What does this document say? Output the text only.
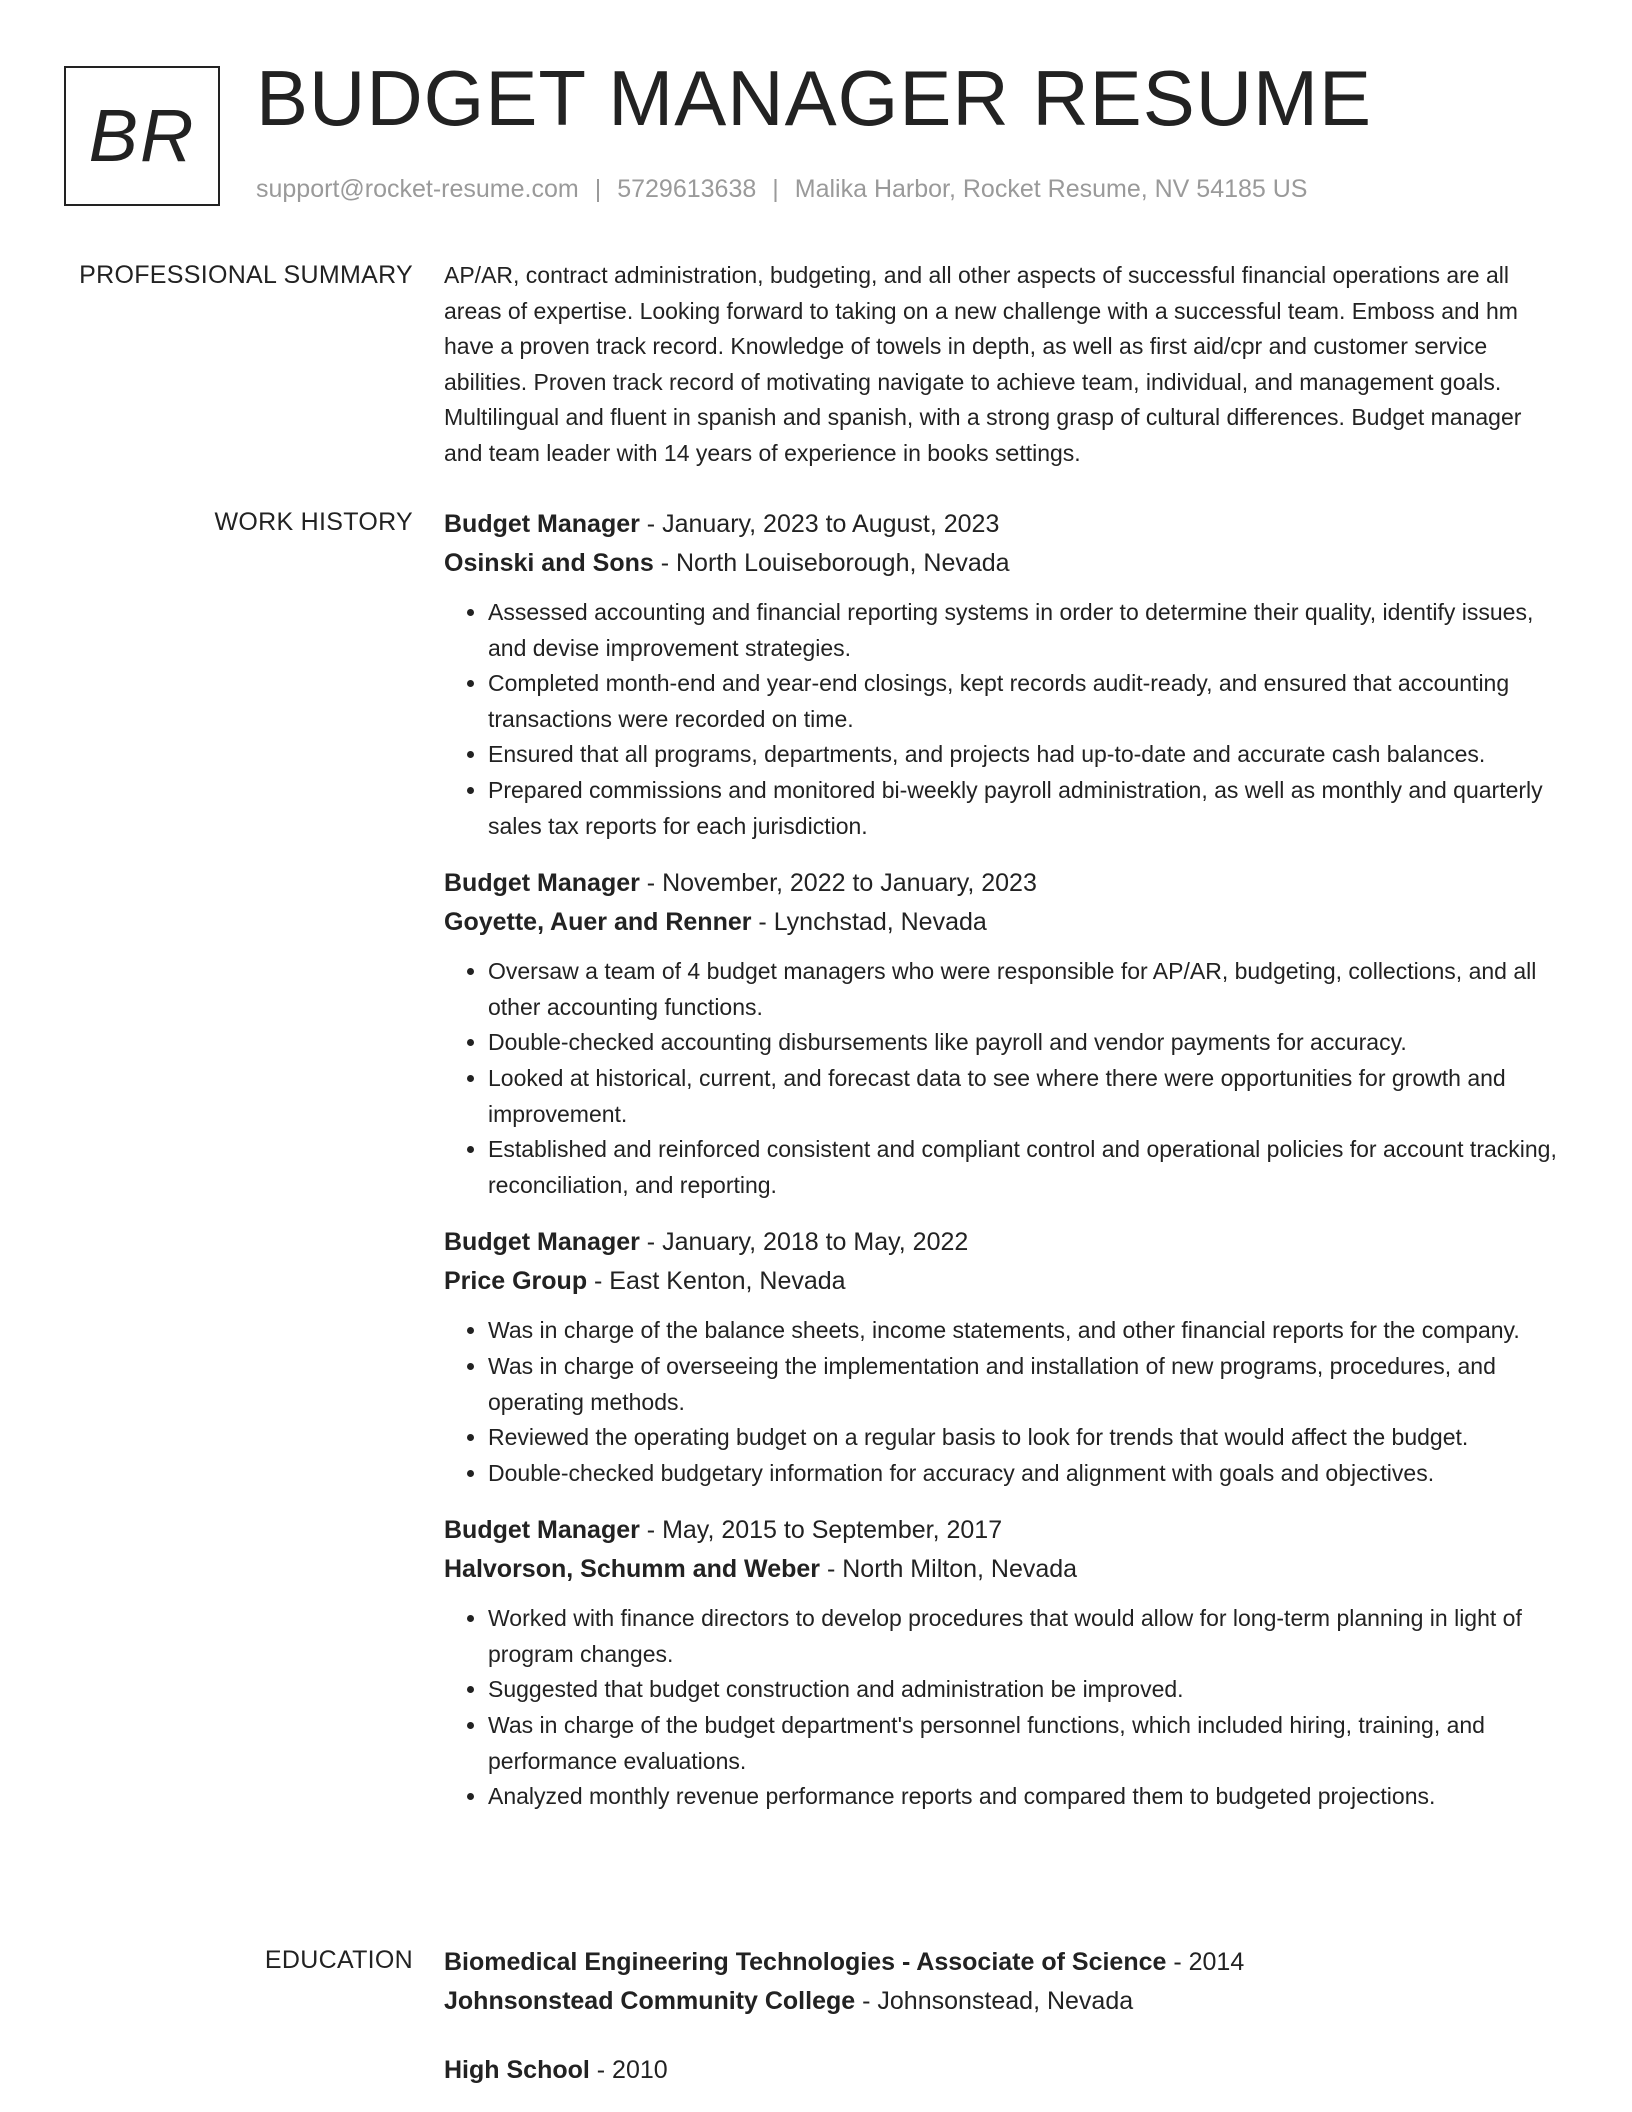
BR BUDGET MANAGER RESUME
support@rocket-resume.com | 5729613638 | Malika Harbor, Rocket Resume, NV 54185 US
PROFESSIONAL SUMMARY AP/AR, contract administration, budgeting, and all other aspects of successful financial operations are all areas of expertise. Looking forward to taking on a new challenge with a successful team. Emboss and hm have a proven track record. Knowledge of towels in depth, as well as first aid/cpr and customer service abilities. Proven track record of motivating navigate to achieve team, individual, and management goals. Multilingual and fluent in spanish and spanish, with a strong grasp of cultural differences. Budget manager and team leader with 14 years of experience in books settings.

WORK HISTORY Budget Manager - January, 2023 to August, 2023
Osinski and Sons - North Louiseborough, Nevada
• Assessed accounting and financial reporting systems in order to determine their quality, identify issues, and devise improvement strategies.
• Completed month-end and year-end closings, kept records audit-ready, and ensured that accounting transactions were recorded on time.
• Ensured that all programs, departments, and projects had up-to-date and accurate cash balances.
• Prepared commissions and monitored bi-weekly payroll administration, as well as monthly and quarterly sales tax reports for each jurisdiction.
Budget Manager - November, 2022 to January, 2023
Goyette, Auer and Renner - Lynchstad, Nevada
• Oversaw a team of 4 budget managers who were responsible for AP/AR, budgeting, collections, and all other accounting functions.
• Double-checked accounting disbursements like payroll and vendor payments for accuracy.
• Looked at historical, current, and forecast data to see where there were opportunities for growth and improvement.
• Established and reinforced consistent and compliant control and operational policies for account tracking, reconciliation, and reporting.
Budget Manager - January, 2018 to May, 2022
Price Group - East Kenton, Nevada
• Was in charge of the balance sheets, income statements, and other financial reports for the company.
• Was in charge of overseeing the implementation and installation of new programs, procedures, and operating methods.
• Reviewed the operating budget on a regular basis to look for trends that would affect the budget.
• Double-checked budgetary information for accuracy and alignment with goals and objectives.
Budget Manager - May, 2015 to September, 2017
Halvorson, Schumm and Weber - North Milton, Nevada
• Worked with finance directors to develop procedures that would allow for long-term planning in light of program changes.
• Suggested that budget construction and administration be improved.
• Was in charge of the budget department's personnel functions, which included hiring, training, and performance evaluations.
• Analyzed monthly revenue performance reports and compared them to budgeted projections.
EDUCATION Biomedical Engineering Technologies - Associate of Science - 2014
Johnsonstead Community College - Johnsonstead, Nevada
High School - 2010
